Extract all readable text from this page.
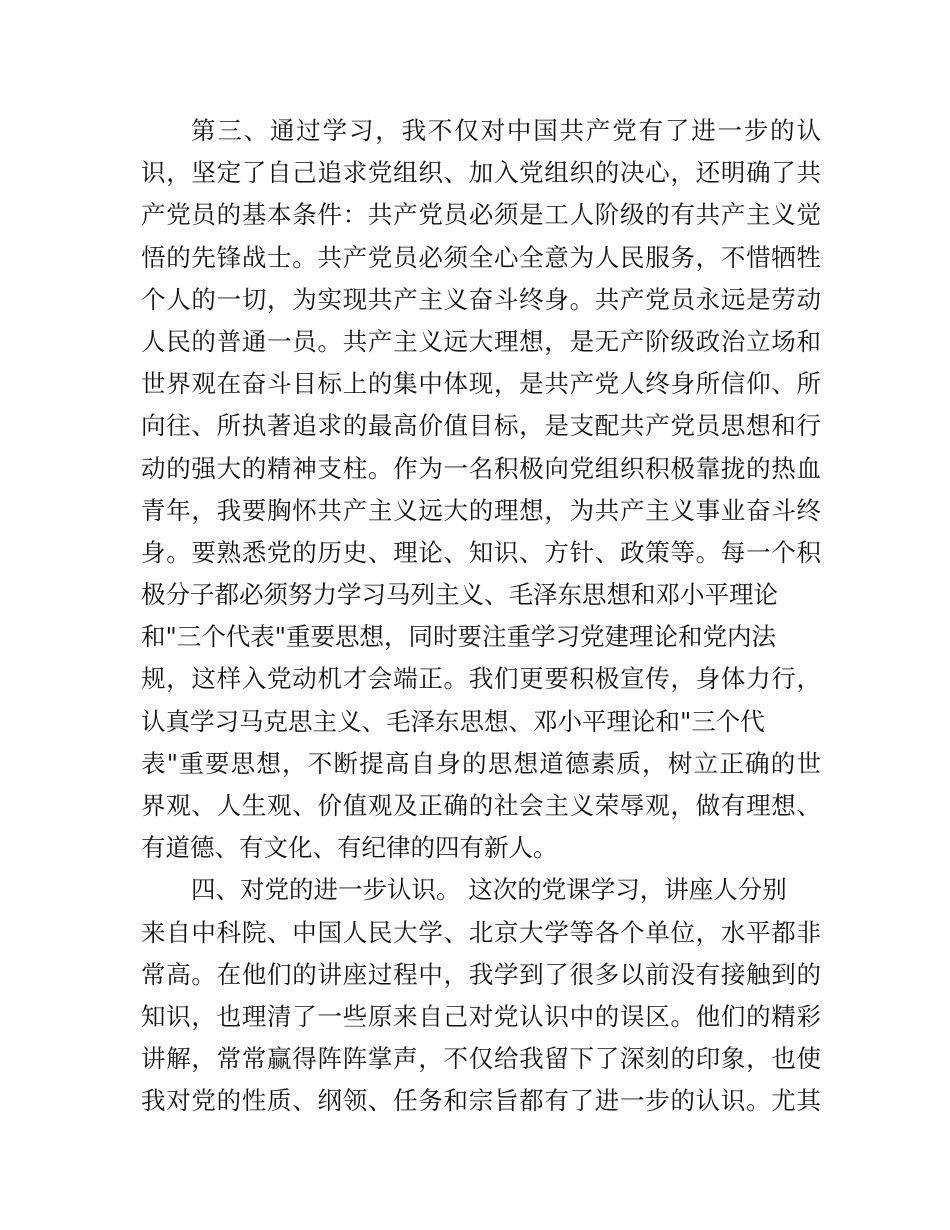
第三、通过学习，我不仅对中国共产党有了进一步的认
识，坚定了自己追求党组织、加入党组织的决心，还明确了共
产党员的基本条件：共产党员必须是工人阶级的有共产主义觉
悟的先锋战士。共产党员必须全心全意为人民服务，不惜牺牲
个人的一切，为实现共产主义奋斗终身。共产党员永远是劳动
人民的普通一员。共产主义远大理想，是无产阶级政治立场和
世界观在奋斗目标上的集中体现，是共产党人终身所信仰、所
向往、所执著追求的最高价值目标，是支配共产党员思想和行
动的强大的精神支柱。作为一名积极向党组织积极靠拢的热血
青年，我要胸怀共产主义远大的理想，为共产主义事业奋斗终
身。要熟悉党的历史、理论、知识、方针、政策等。每一个积
极分子都必须努力学习马列主义、毛泽东思想和邓小平理论
和"三个代表"重要思想，同时要注重学习党建理论和党内法
规，这样入党动机才会端正。我们更要积极宣传，身体力行，
认真学习马克思主义、毛泽东思想、邓小平理论和"三个代
表"重要思想，不断提高自身的思想道德素质，树立正确的世
界观、人生观、价值观及正确的社会主义荣辱观，做有理想、
有道德、有文化、有纪律的四有新人。
四、对党的进一步认识。 这次的党课学习，讲座人分别
来自中科院、中国人民大学、北京大学等各个单位，水平都非
常高。在他们的讲座过程中，我学到了很多以前没有接触到的
知识，也理清了一些原来自己对党认识中的误区。他们的精彩
讲解，常常赢得阵阵掌声，不仅给我留下了深刻的印象，也使
我对党的性质、纲领、任务和宗旨都有了进一步的认识。尤其
